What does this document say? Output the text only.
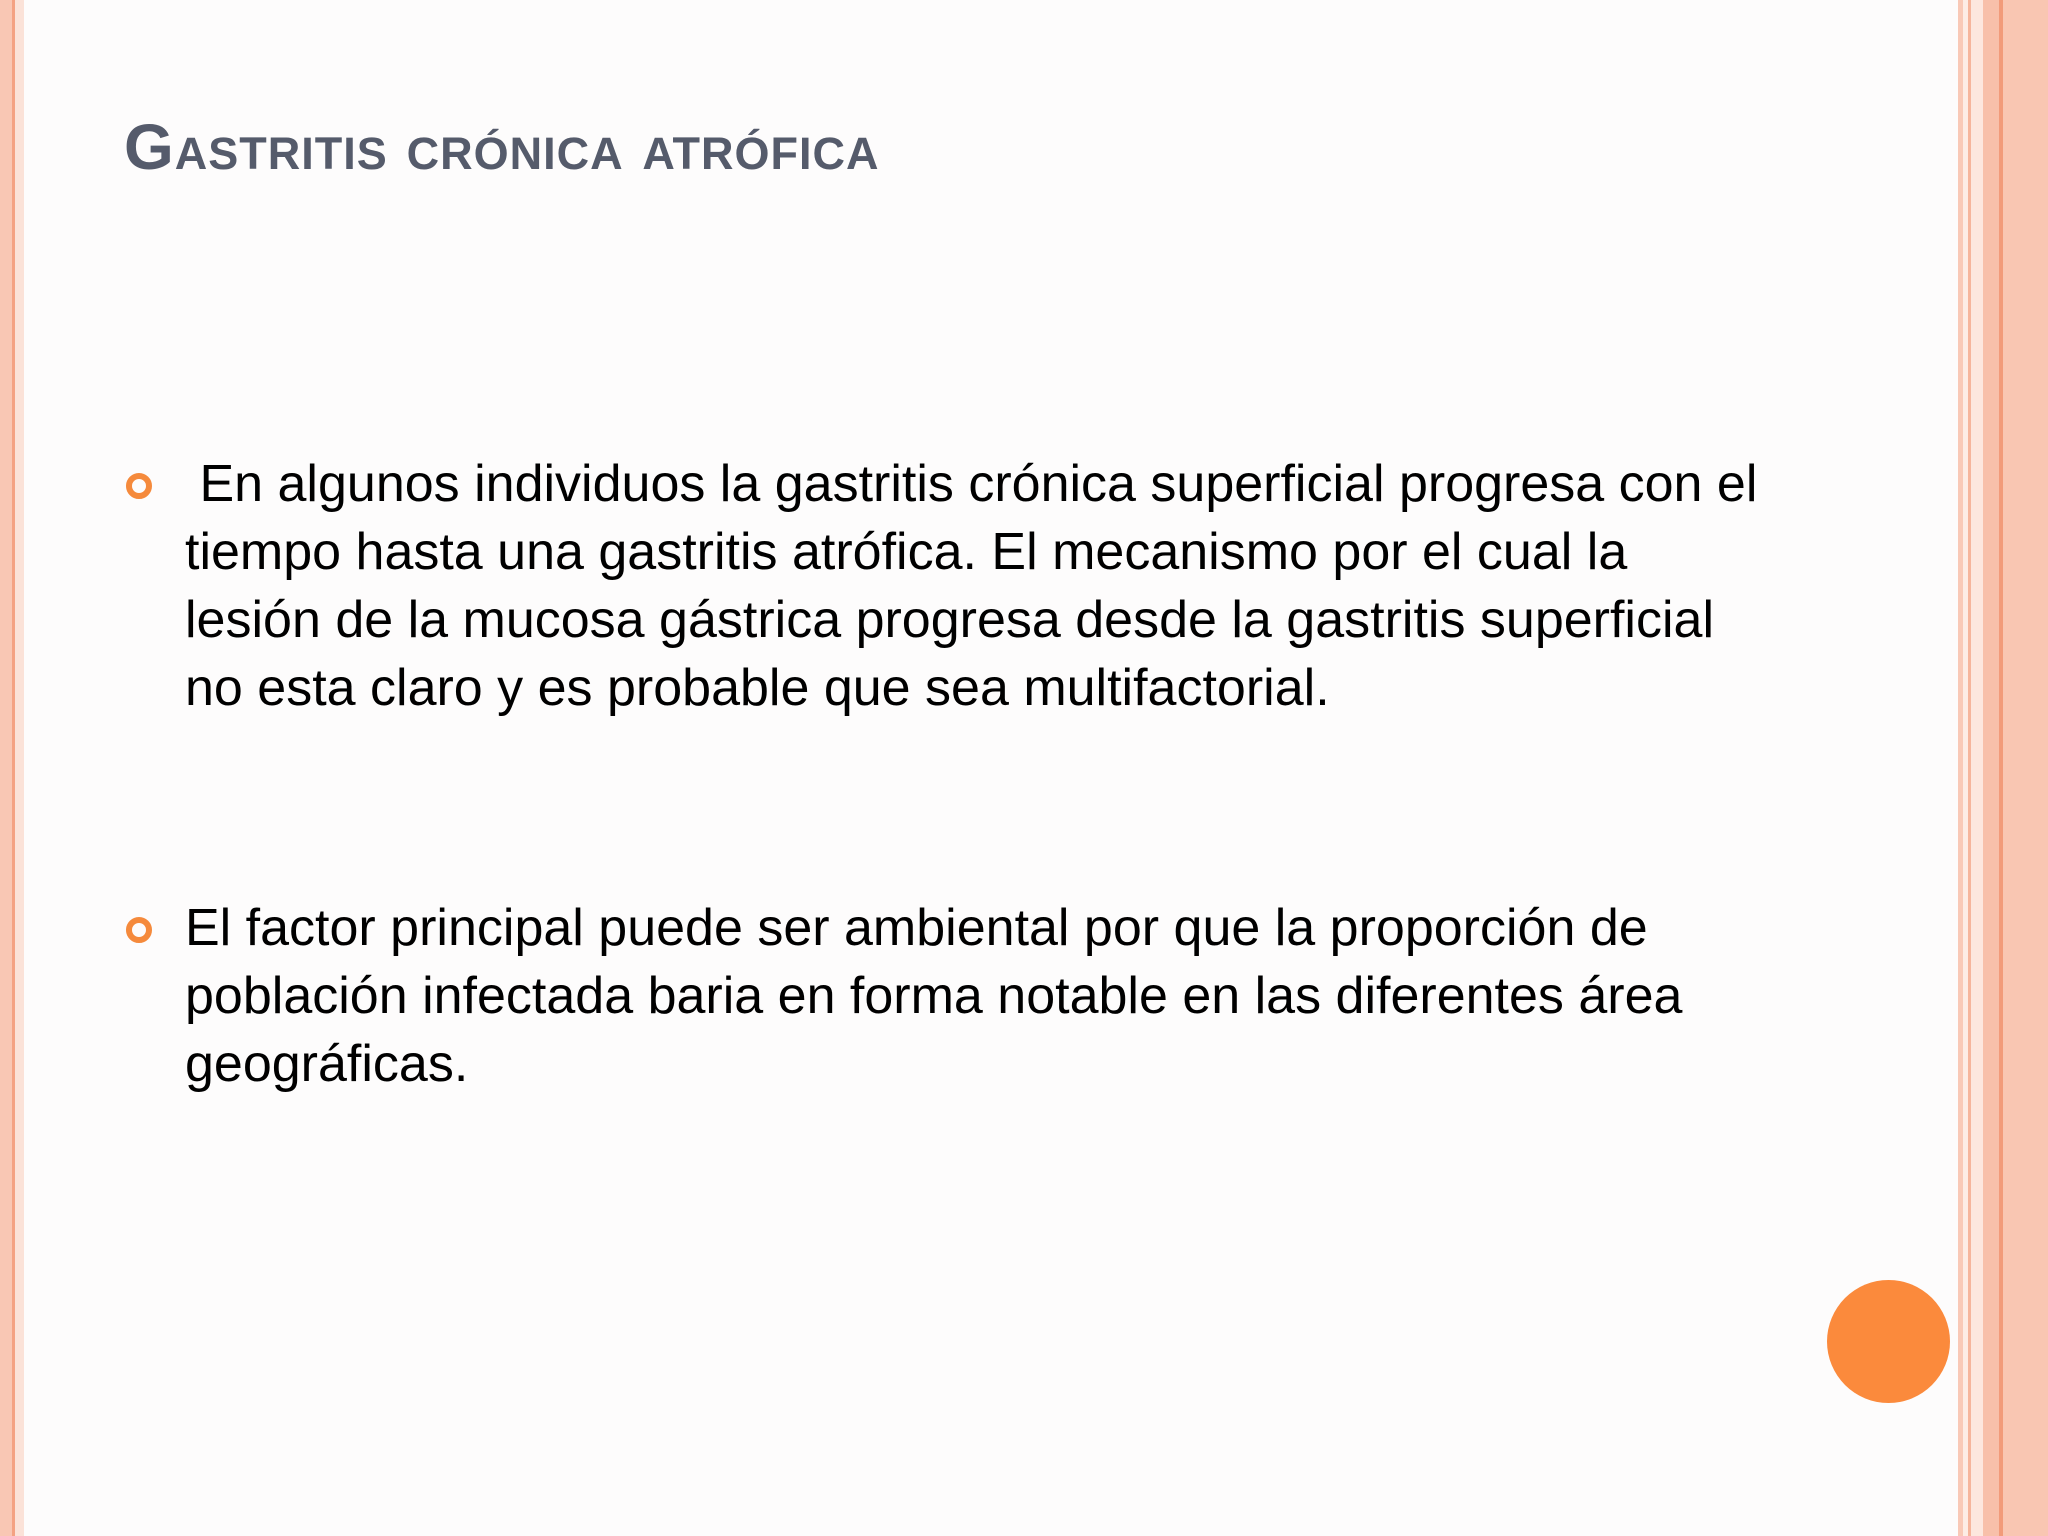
Gastritis crónica atrófica
En algunos individuos la gastritis crónica superficial progresa con el tiempo hasta una gastritis atrófica. El mecanismo por el cual la lesión de la mucosa gástrica progresa desde la gastritis superficial no esta claro y es probable que sea multifactorial.
El factor principal puede ser ambiental por que la proporción de población infectada baria en forma notable en las diferentes área geográficas.
